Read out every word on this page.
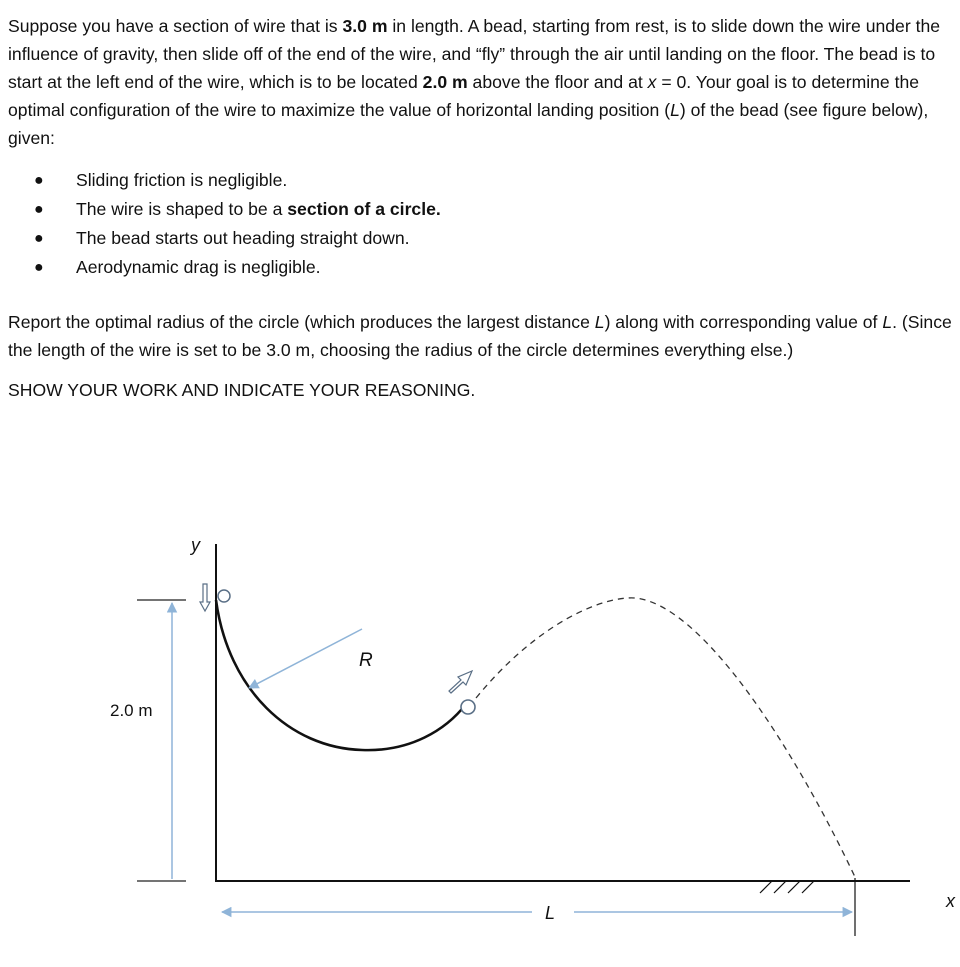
Suppose you have a section of wire that is 3.0 m in length. A bead, starting from rest, is to slide down the wire under the influence of gravity, then slide off of the end of the wire, and “fly” through the air until landing on the floor. The bead is to start at the left end of the wire, which is to be located 2.0 m above the floor and at x = 0. Your goal is to determine the optimal configuration of the wire to maximize the value of horizontal landing position (L) of the bead (see figure below), given:

● Sliding friction is negligible.
● The wire is shaped to be a section of a circle.
● The bead starts out heading straight down.
● Aerodynamic drag is negligible.

Report the optimal radius of the circle (which produces the largest distance L) along with corresponding value of L. (Since the length of the wire is set to be 3.0 m, choosing the radius of the circle determines everything else.)

SHOW YOUR WORK AND INDICATE YOUR REASONING.

2.0 m
y
x
L
R
